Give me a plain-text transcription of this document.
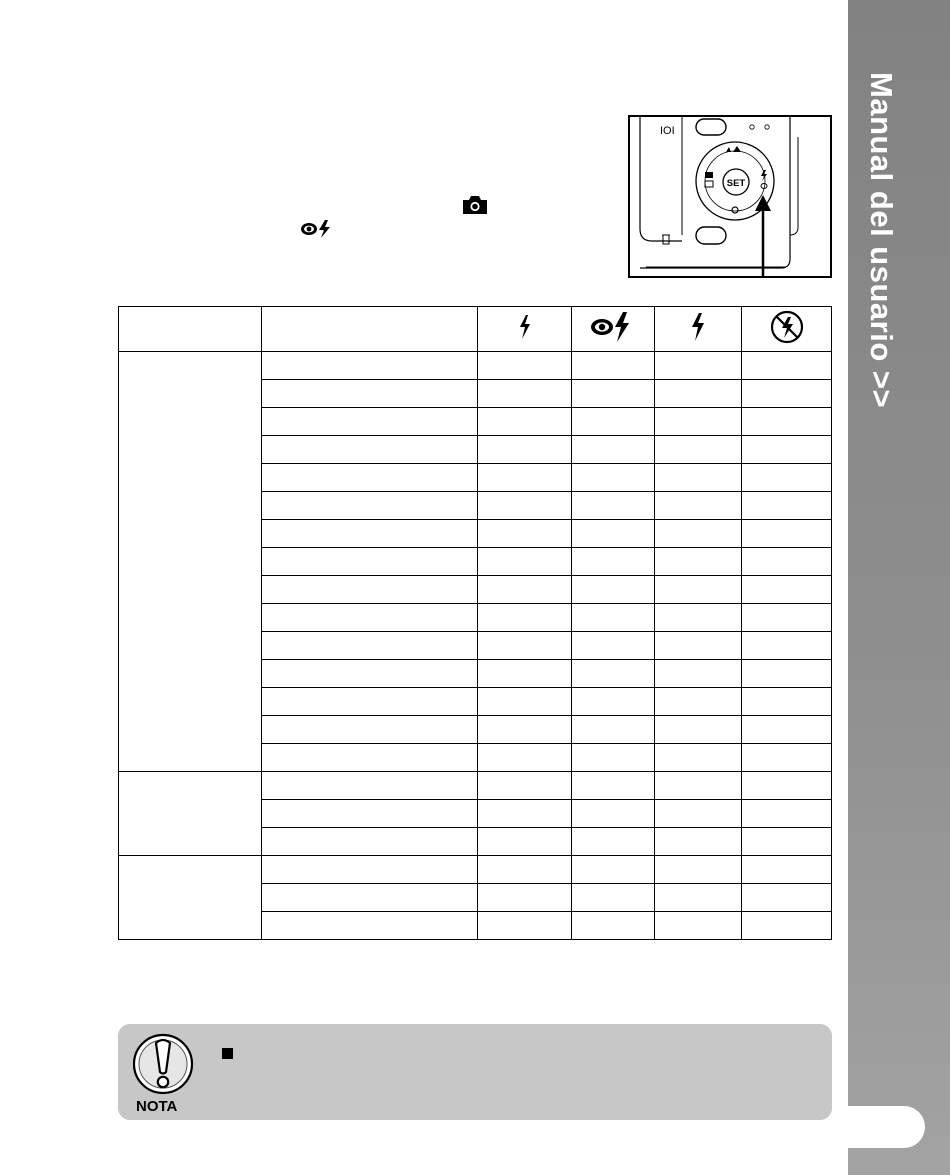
Manual del usuario >>
IOI
SET

NOTA
